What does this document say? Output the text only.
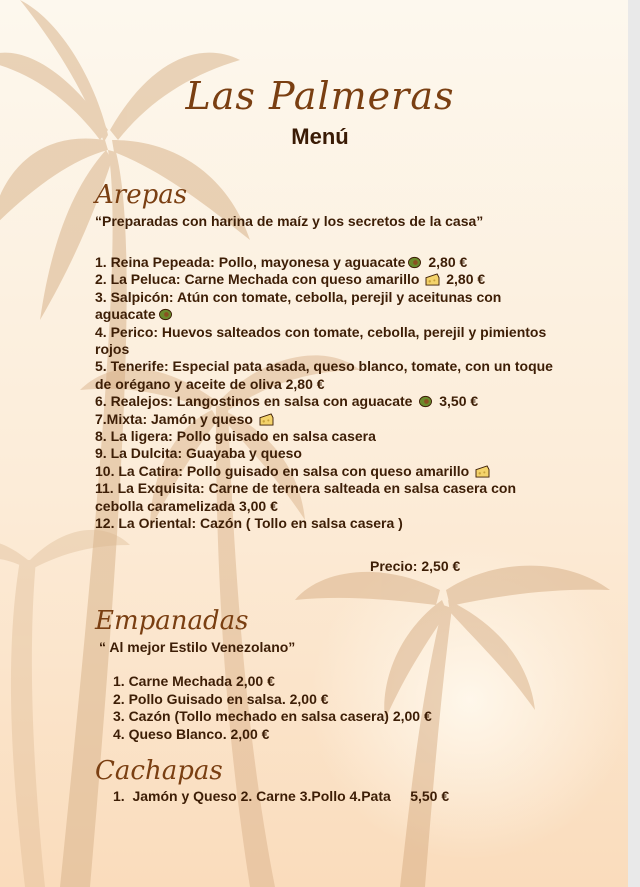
Las Palmeras
Menú
Arepas
“Preparadas con harina de maíz y los secretos de la casa”
1. Reina Pepeada: Pollo, mayonesa y aguacate 2,80 €
2. La Peluca: Carne Mechada con queso amarillo 2,80 €
3. Salpicón: Atún con tomate, cebolla, perejil y aceitunas con aguacate
4. Perico: Huevos salteados con tomate, cebolla, perejil y pimientos rojos
5. Tenerife: Especial pata asada, queso blanco, tomate, con un toque de orégano y aceite de oliva 2,80 €
6. Realejos: Langostinos en salsa con aguacate 3,50 €
7.Mixta: Jamón y queso
8. La ligera: Pollo guisado en salsa casera
9. La Dulcita: Guayaba y queso
10. La Catira: Pollo guisado en salsa con queso amarillo
11. La Exquisita: Carne de ternera salteada en salsa casera con cebolla caramelizada 3,00 €
12. La Oriental: Cazón ( Tollo en salsa casera )
Precio: 2,50 €
Empanadas
“ Al mejor Estilo Venezolano”
1. Carne Mechada 2,00 €
2. Pollo Guisado en salsa. 2,00 €
3. Cazón (Tollo mechado en salsa casera) 2,00 €
4. Queso Blanco. 2,00 €
Cachapas
1.  Jamón y Queso 2. Carne 3.Pollo 4.Pata     5,50 €
